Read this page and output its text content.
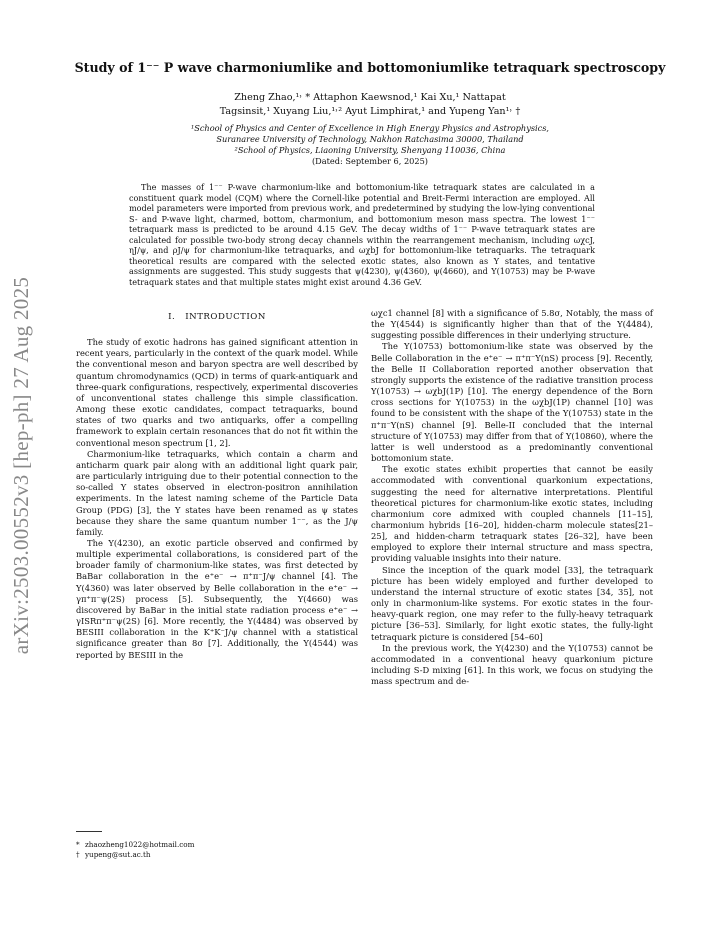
arXiv:2503.00552v3 [hep-ph] 27 Aug 2025
Study of 1⁻⁻ P wave charmoniumlike and bottomoniumlike tetraquark spectroscopy
Zheng Zhao,¹˒ * Attaphon Kaewsnod,¹ Kai Xu,¹ Nattapat
Tagsinsit,¹ Xuyang Liu,¹˒² Ayut Limphirat,¹ and Yupeng Yan¹˒ †
¹School of Physics and Center of Excellence in High Energy Physics and Astrophysics,
Suranaree University of Technology, Nakhon Ratchasima 30000, Thailand
²School of Physics, Liaoning University, Shenyang 110036, China
(Dated: September 6, 2025)
The masses of 1⁻⁻ P-wave charmonium-like and bottomonium-like tetraquark states are calculated in a constituent quark model (CQM) where the Cornell-like potential and Breit-Fermi interaction are employed. All model parameters were imported from previous work, and predetermined by studying the low-lying conventional S- and P-wave light, charmed, bottom, charmonium, and bottomonium meson mass spectra. The lowest 1⁻⁻ tetraquark mass is predicted to be around 4.15 GeV. The decay widths of 1⁻⁻ P-wave tetraquark states are calculated for possible two-body strong decay channels within the rearrangement mechanism, including ωχcJ, ηJ/ψ, and ρJ/ψ for charmonium-like tetraquarks, and ωχbJ for bottomonium-like tetraquarks. The tetraquark theoretical results are compared with the selected exotic states, also known as Y states, and tentative assignments are suggested. This study suggests that ψ(4230), ψ(4360), ψ(4660), and Υ(10753) may be P-wave tetraquark states and that multiple states might exist around 4.36 GeV.
I. INTRODUCTION

The study of exotic hadrons has gained significant attention in recent years, particularly in the context of the quark model. While the conventional meson and baryon spectra are well described by quantum chromodynamics (QCD) in terms of quark-antiquark and three-quark configurations, respectively, experimental discoveries of unconventional states challenge this simple classification. Among these exotic candidates, compact tetraquarks, bound states of two quarks and two antiquarks, offer a compelling framework to explain certain resonances that do not fit within the conventional meson spectrum [1, 2].

Charmonium-like tetraquarks, which contain a charm and anticharm quark pair along with an additional light quark pair, are particularly intriguing due to their potential connection to the so-called Y states observed in electron-positron annihilation experiments. In the latest naming scheme of the Particle Data Group (PDG) [3], the Y states have been renamed as ψ states because they share the same quantum number 1⁻⁻, as the J/ψ family.

The Y(4230), an exotic particle observed and confirmed by multiple experimental collaborations, is considered part of the broader family of charmonium-like states, was first detected by BaBar collaboration in the e⁺e⁻ → π⁺π⁻J/ψ channel [4]. The Y(4360) was later observed by Belle collaboration in the e⁺e⁻ → γπ⁺π⁻ψ(2S) process [5]. Subsequently, the Y(4660) was discovered by BaBar in the initial state radiation process e⁺e⁻ → γISRπ⁺π⁻ψ(2S) [6]. More recently, the Y(4484) was observed by BESIII collaboration in the K⁺K⁻J/ψ channel with a statistical significance greater than 8σ [7]. Additionally, the Y(4544) was reported by BESIII in the

ωχc1 channel [8] with a significance of 5.8σ, Notably, the mass of the Y(4544) is significantly higher than that of the Y(4484), suggesting possible differences in their underlying structure.

The Υ(10753) bottomonium-like state was observed by the Belle Collaboration in the e⁺e⁻ → π⁺π⁻Υ(nS) process [9]. Recently, the Belle II Collaboration reported another observation that strongly supports the existence of the radiative transition process Υ(10753) → ωχbJ(1P) [10]. The energy dependence of the Born cross sections for Υ(10753) in the ωχbJ(1P) channel [10] was found to be consistent with the shape of the Υ(10753) state in the π⁺π⁻Υ(nS) channel [9]. Belle-II concluded that the internal structure of Υ(10753) may differ from that of Υ(10860), where the latter is well understood as a predominantly conventional bottomonium state.

The exotic states exhibit properties that cannot be easily accommodated with conventional quarkonium expectations, suggesting the need for alternative interpretations. Plentiful theoretical pictures for charmonium-like exotic states, including charmonium core admixed with coupled channels [11–15], charmonium hybrids [16–20], hidden-charm molecule states[21–25], and hidden-charm tetraquark states [26–32], have been employed to explore their internal structure and mass spectra, providing valuable insights into their nature.

Since the inception of the quark model [33], the tetraquark picture has been widely employed and further developed to understand the internal structure of exotic states [34, 35], not only in charmonium-like systems. For exotic states in the four-heavy-quark region, one may refer to the fully-heavy tetraquark picture [36–53]. Similarly, for light exotic states, the fully-light tetraquark picture is considered [54–60]

In the previous work, the Y(4230) and the Υ(10753) cannot be accommodated in a conventional heavy quarkonium picture including S-D mixing [61]. In this work, we focus on studying the mass spectrum and de-

* zhaozheng1022@hotmail.com
† yupeng@sut.ac.th
